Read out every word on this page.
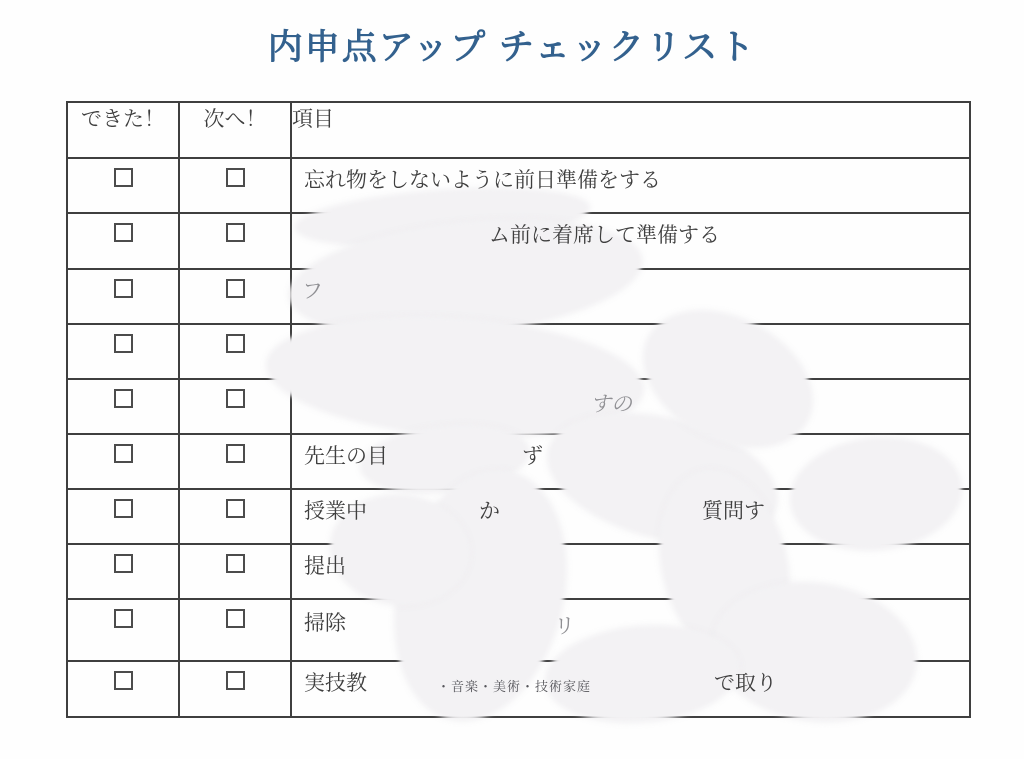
内申点アップ チェックリスト
できた！	次へ！	項目

		忘れ物をしないように前日準備をする

		ム前に着席して準備する

		フ

		すの

		先生の目 ず

		授業中 か 質問す

		提出

		掃除 リ

		実技教 ・音楽・美術・技術家庭 で取り
